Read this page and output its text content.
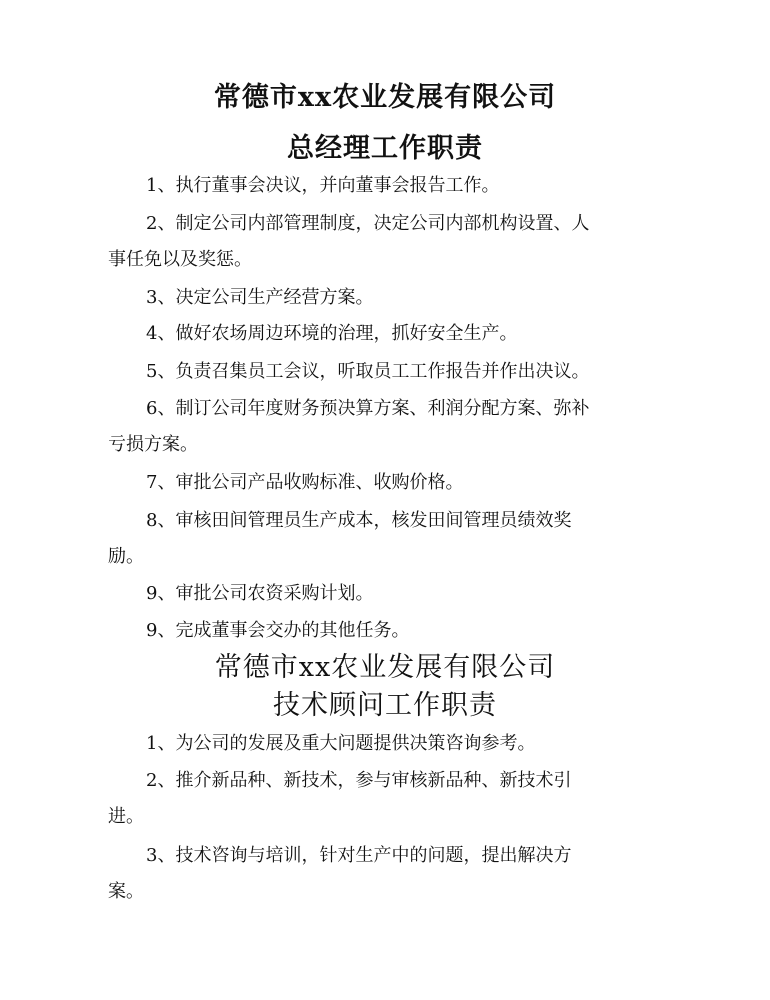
常德市xx农业发展有限公司
总经理工作职责
1、执行董事会决议，并向董事会报告工作。
2、制定公司内部管理制度，决定公司内部机构设置、人
事任免以及奖惩。
3、决定公司生产经营方案。
4、做好农场周边环境的治理，抓好安全生产。
5、负责召集员工会议，听取员工工作报告并作出决议。
6、制订公司年度财务预决算方案、利润分配方案、弥补
亏损方案。
7、审批公司产品收购标准、收购价格。
8、审核田间管理员生产成本，核发田间管理员绩效奖
励。
9、审批公司农资采购计划。
9、完成董事会交办的其他任务。
常德市xx农业发展有限公司
技术顾问工作职责
1、为公司的发展及重大问题提供决策咨询参考。
2、推介新品种、新技术，参与审核新品种、新技术引
进。
3、技术咨询与培训，针对生产中的问题，提出解决方
案。
